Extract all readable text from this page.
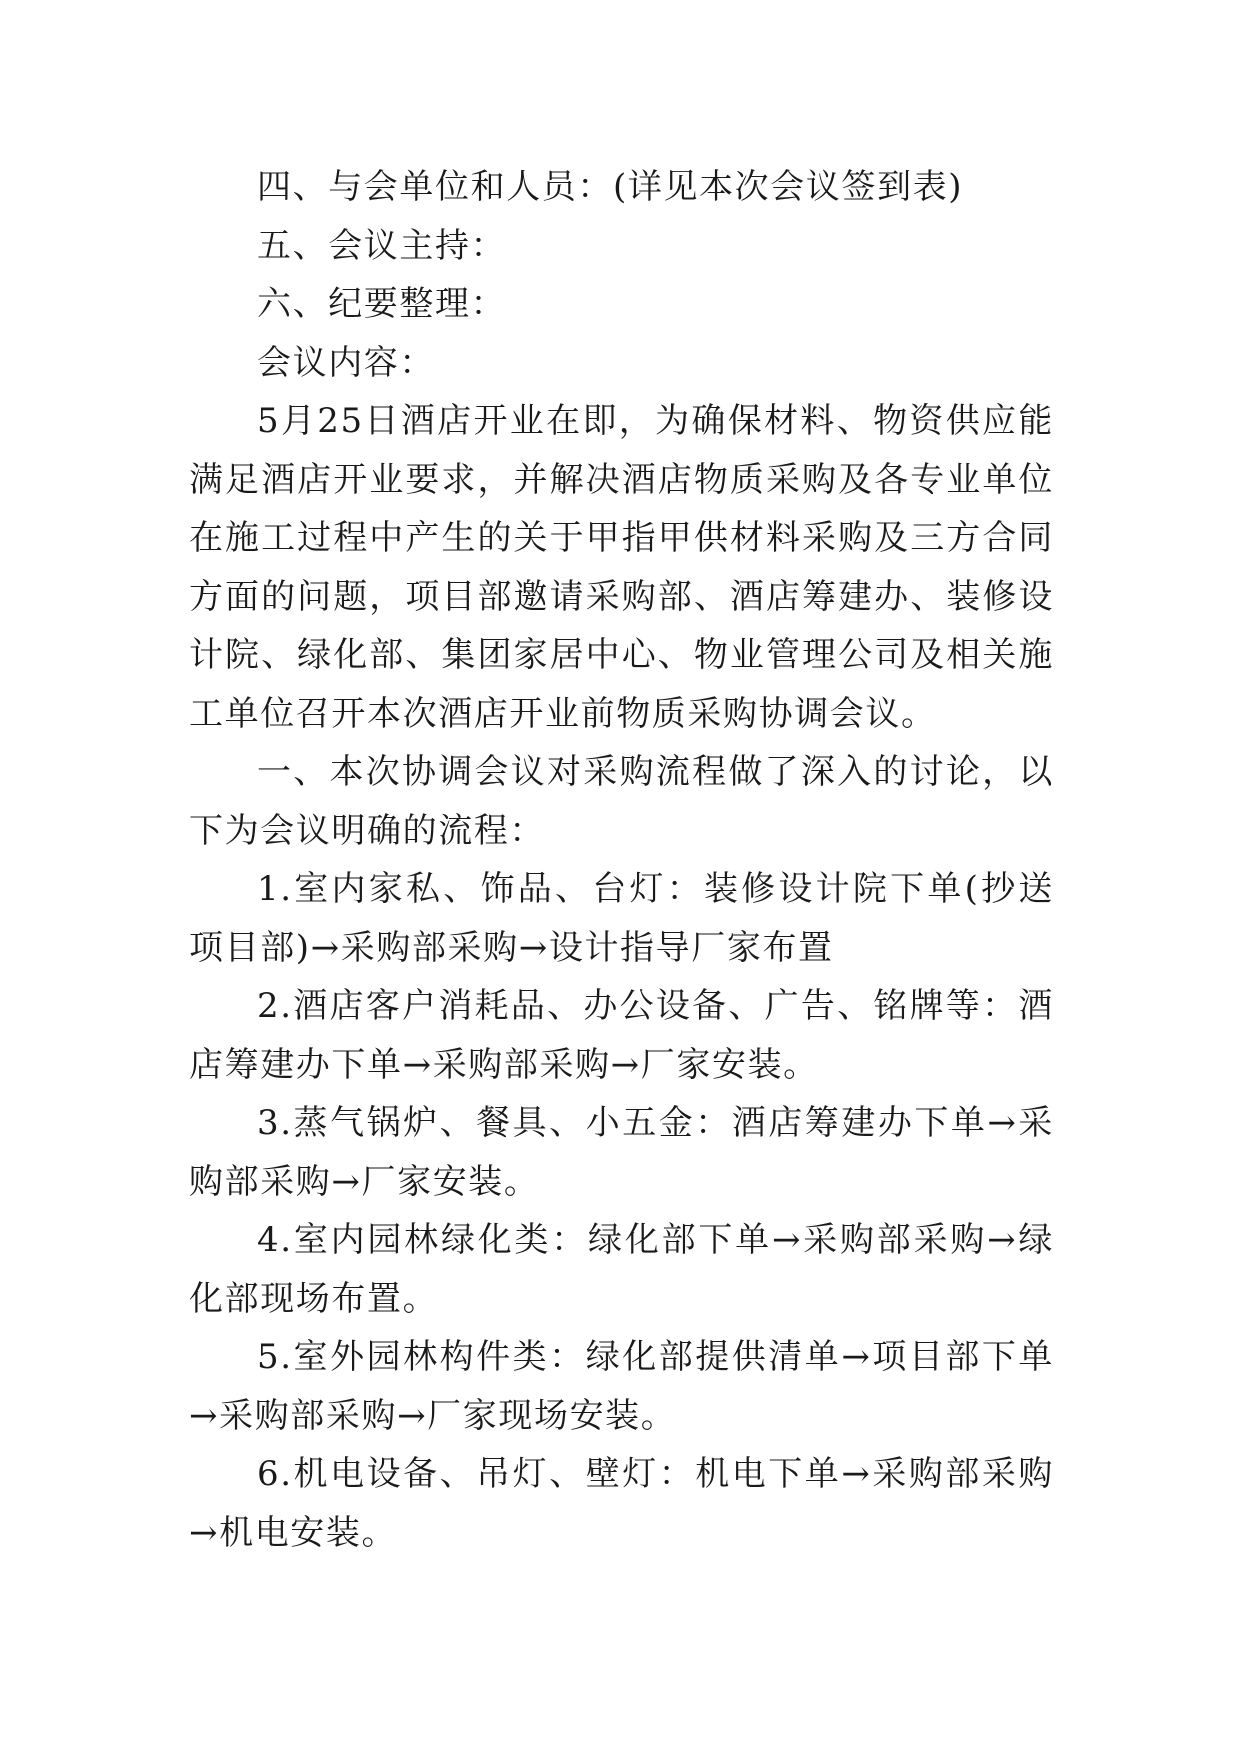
四、与会单位和人员：(详见本次会议签到表)

五、会议主持：

六、纪要整理：

会议内容：

5月25日酒店开业在即，为确保材料、物资供应能满足酒店开业要求，并解决酒店物质采购及各专业单位在施工过程中产生的关于甲指甲供材料采购及三方合同方面的问题，项目部邀请采购部、酒店筹建办、装修设计院、绿化部、集团家居中心、物业管理公司及相关施工单位召开本次酒店开业前物质采购协调会议。

一、本次协调会议对采购流程做了深入的讨论，以下为会议明确的流程：

1.室内家私、饰品、台灯：装修设计院下单(抄送项目部)→采购部采购→设计指导厂家布置

2.酒店客户消耗品、办公设备、广告、铭牌等：酒店筹建办下单→采购部采购→厂家安装。

3.蒸气锅炉、餐具、小五金：酒店筹建办下单→采购部采购→厂家安装。

4.室内园林绿化类：绿化部下单→采购部采购→绿化部现场布置。

5.室外园林构件类：绿化部提供清单→项目部下单→采购部采购→厂家现场安装。

6.机电设备、吊灯、壁灯：机电下单→采购部采购→机电安装。
